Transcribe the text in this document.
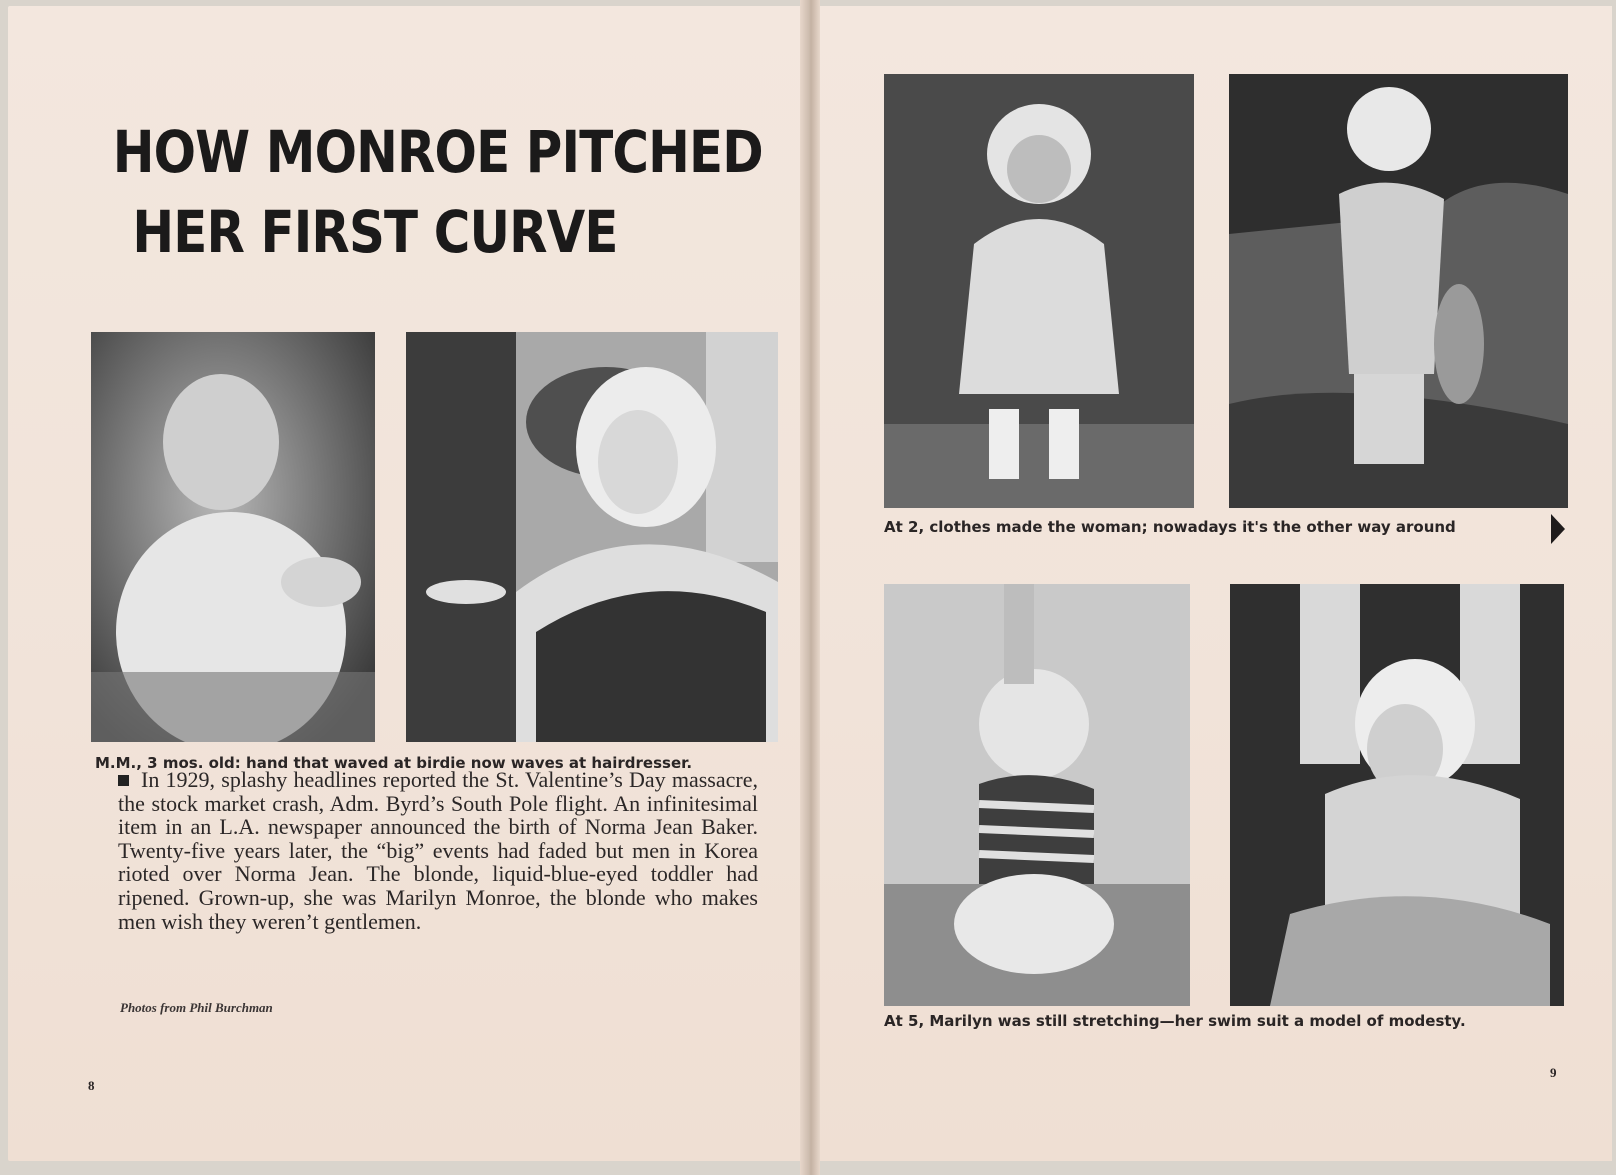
HOW MONROE PITCHED
HER FIRST CURVE

M.M., 3 mos. old: hand that waved at birdie now waves at hairdresser.

In 1929, splashy headlines reported the St. Valentine’s Day massacre, the stock market crash, Adm. Byrd’s South Pole flight. An infinitesimal item in an L.A. newspaper announced the birth of Norma Jean Baker. Twenty-five years later, the “big” events had faded but men in Korea rioted over Norma Jean. The blonde, liquid-blue-eyed toddler had ripened. Grown-up, she was Marilyn Monroe, the blonde who makes men wish they weren’t gentlemen.

Photos from Phil Burchman

8

At 2, clothes made the woman; nowadays it's the other way around

At 5, Marilyn was still stretching—her swim suit a model of modesty.

9
